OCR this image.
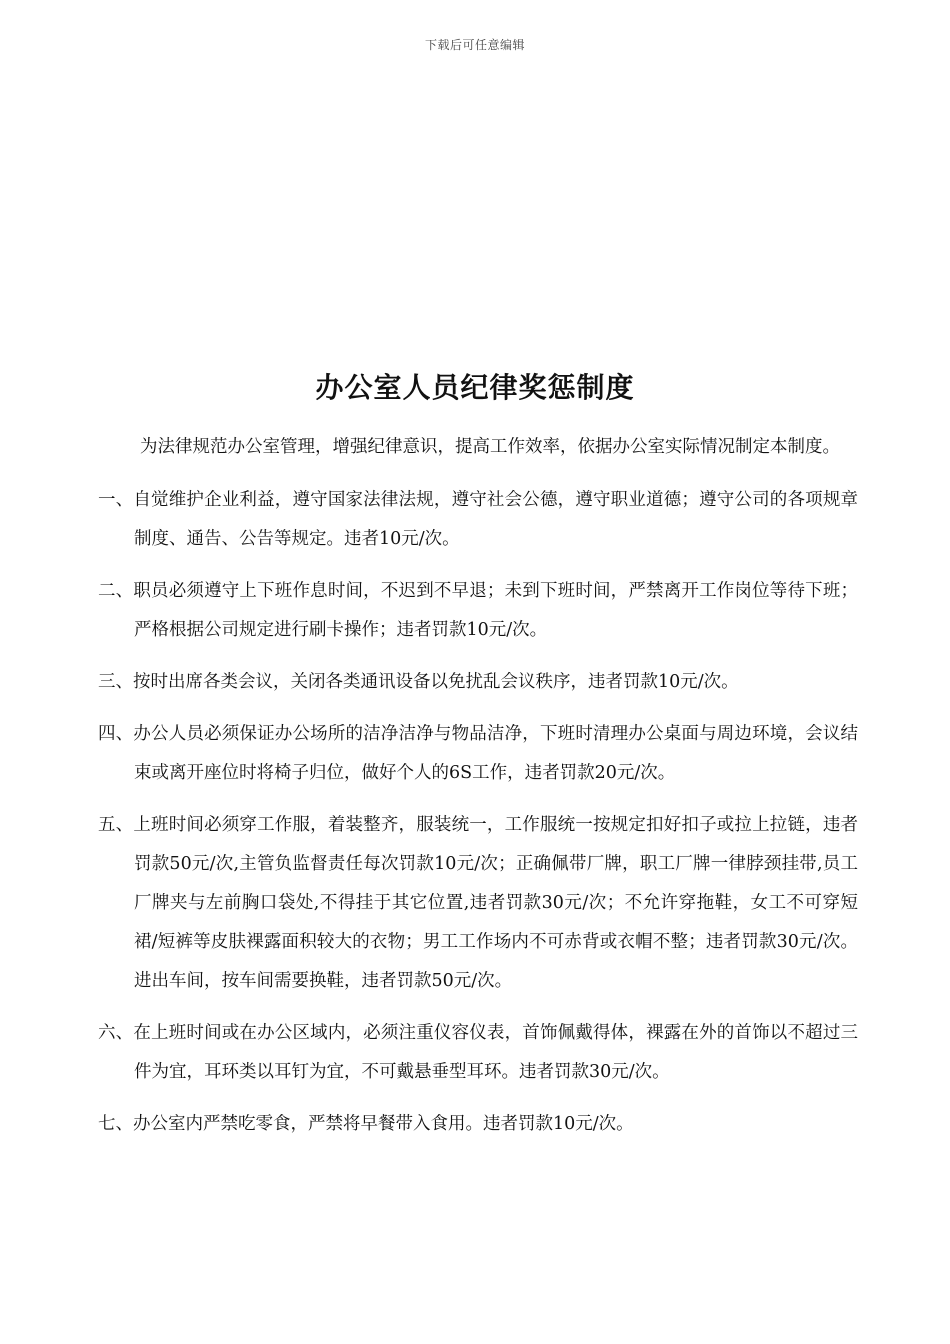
下载后可任意编辑
办公室人员纪律奖惩制度

为法律规范办公室管理，增强纪律意识，提高工作效率，依据办公室实际情况制定本制度。

一、自觉维护企业利益，遵守国家法律法规，遵守社会公德，遵守职业道德；遵守公司的各项规章制度、通告、公告等规定。违者10元/次。

二、职员必须遵守上下班作息时间，不迟到不早退；未到下班时间，严禁离开工作岗位等待下班；严格根据公司规定进行刷卡操作；违者罚款10元/次。

三、按时出席各类会议，关闭各类通讯设备以免扰乱会议秩序，违者罚款10元/次。

四、办公人员必须保证办公场所的洁净洁净与物品洁净，下班时清理办公桌面与周边环境，会议结束或离开座位时将椅子归位，做好个人的6S工作，违者罚款20元/次。

五、上班时间必须穿工作服，着装整齐，服装统一，工作服统一按规定扣好扣子或拉上拉链，违者罚款50元/次,主管负监督责任每次罚款10元/次；正确佩带厂牌，职工厂牌一律脖颈挂带,员工厂牌夹与左前胸口袋处,不得挂于其它位置,违者罚款30元/次；不允许穿拖鞋，女工不可穿短裙/短裤等皮肤裸露面积较大的衣物；男工工作场内不可赤背或衣帽不整；违者罚款30元/次。进出车间，按车间需要换鞋，违者罚款50元/次。

六、在上班时间或在办公区域内，必须注重仪容仪表，首饰佩戴得体，裸露在外的首饰以不超过三件为宜，耳环类以耳钉为宜，不可戴悬垂型耳环。违者罚款30元/次。

七、办公室内严禁吃零食，严禁将早餐带入食用。违者罚款10元/次。
